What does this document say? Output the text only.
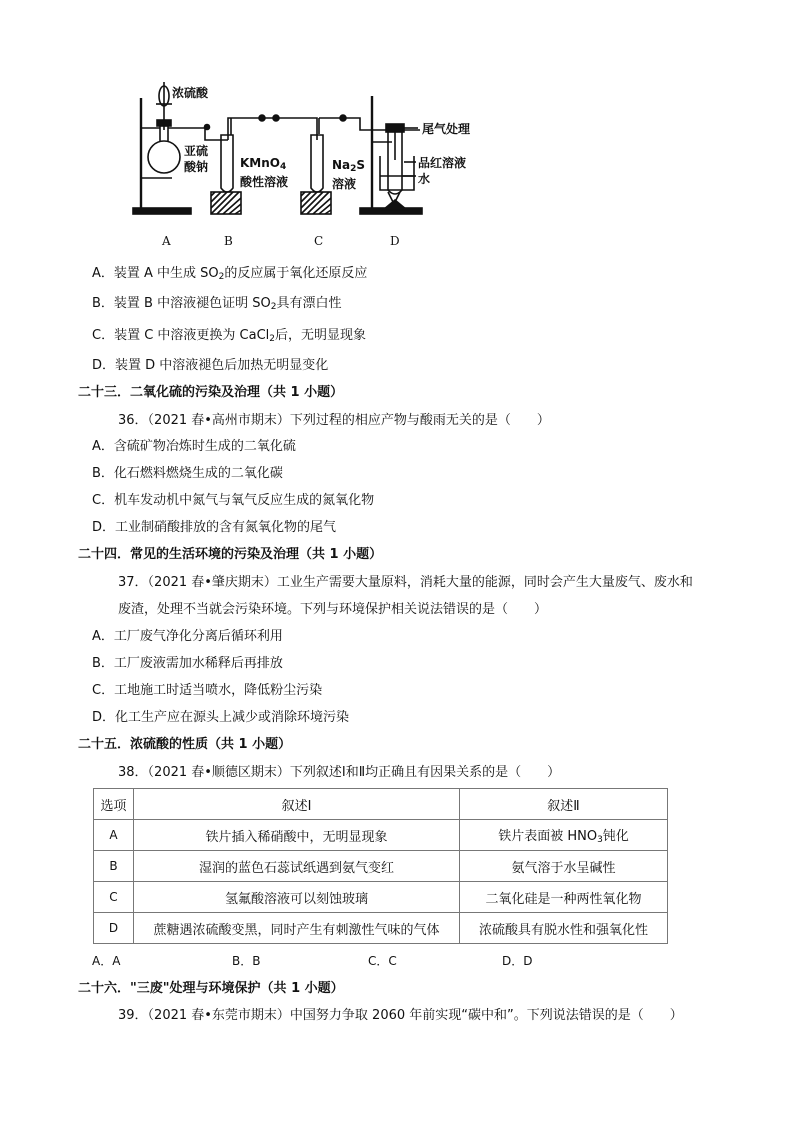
浓硫酸
亚硫
酸钠	KMnO$_4$
酸性溶液
$Na_2S$
溶液
尾气处理
品红溶液
水
A	B	C	D
A．装置 A 中生成 $SO_2$的反应属于氧化还原反应
B．装置 B 中溶液褪色证明 $SO_2$具有漂白性
C．装置 C 中溶液更换为 CaCl$_2$后，无明显现象
D．装置 D 中溶液褪色后加热无明显变化
二十三．二氧化硫的污染及治理（共 1 小题）
36．（2021 春•高州市期末）下列过程的相应产物与酸雨无关的是（　　）
A．含硫矿物冶炼时生成的二氧化硫
B．化石燃料燃烧生成的二氧化碳
C．机车发动机中氮气与氧气反应生成的氮氧化物
D．工业制硝酸排放的含有氮氧化物的尾气
二十四．常见的生活环境的污染及治理（共 1 小题）
37．（2021 春•肇庆期末）工业生产需要大量原料，消耗大量的能源，同时会产生大量废气、废水和
废渣，处理不当就会污染环境。下列与环境保护相关说法错误的是（　　）
A．工厂废气净化分离后循环利用
B．工厂废液需加水稀释后再排放
C．工地施工时适当喷水，降低粉尘污染
D．化工生产应在源头上减少或消除环境污染
二十五．浓硫酸的性质（共 1 小题）
38．（2021 春•顺德区期末）下列叙述Ⅰ和Ⅱ均正确且有因果关系的是（　　）
选项	叙述Ⅰ	叙述Ⅱ
A	铁片插入稀硝酸中，无明显现象	铁片表面被 $HNO_3$钝化
B	湿润的蓝色石蕊试纸遇到氨气变红	氨气溶于水呈碱性
C	氢氟酸溶液可以刻蚀玻璃	二氧化硅是一种两性氧化物
D	蔗糖遇浓硫酸变黑，同时产生有刺激性气味的气体	浓硫酸具有脱水性和强氧化性
A．A	B．B	C．C	D．D
二十六．"三废"处理与环境保护（共 1 小题）
39．（2021 春•东莞市期末）中国努力争取 2060 年前实现“碳中和”。下列说法错误的是（　　）
